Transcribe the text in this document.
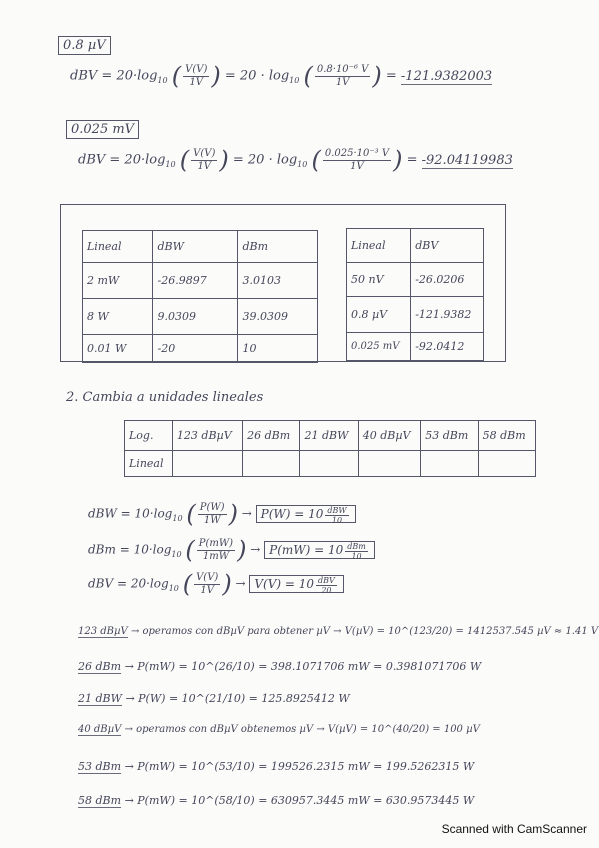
0.8 µV
dBV = $20\cdot\log_{10}$ ( $\frac{V(V)}{1V}$ ) = $20 \cdot \log_{10}$ ( $\frac{\text{0.8·10⁻⁶ V}}{1V}$ ) = -121.9382003
0.025 mV
dBV = $20\cdot\log_{10}$ ( $\frac{V(V)}{1V}$ ) = $20 \cdot \log_{10}$ ( $\frac{\text{0.025·10⁻³ V}}{1V}$ ) = -92.04119983
Lineal	dBW	dBm
2 mW	-26.9897	3.0103
8 W	9.0309	39.0309
0.01 W	-20	10
Lineal	dBV
50 nV	-26.0206
0.8 µV	-121.9382
0.025 mV	-92.0412
2. Cambia a unidades lineales
Log.	123 dBµV	26 dBm	21 dBW	40 dBµV	53 dBm	58 dBm
Lineal						
dBW = $10\cdot\log_{10}$ ( $\frac{P(W)}{1W}$ ) → $P(W) = 10 \frac{\text{dBW}}{10}$
dBm = $10\cdot\log_{10}$ ( $\frac{P(mW)}{1mW}$ ) → $P(mW) = 10 \frac{\text{dBm}}{10}$
dBV = $20\cdot\log_{10}$ ( $\frac{V(V)}{1V}$ ) → $V(V) = 10 \frac{\text{dBV}}{20}$
123 dBµV → operamos con dBµV para obtener µV → V(µV) = 10^(123/20) = 1412537.545 µV ≈ 1.41 V
26 dBm → P(mW) = 10^(26/10) = 398.1071706 mW = 0.3981071706 W
21 dBW → P(W) = 10^(21/10) = 125.8925412 W
40 dBµV → operamos con dBµV obtenemos µV → V(µV) = 10^(40/20) = 100 µV
53 dBm → P(mW) = 10^(53/10) = 199526.2315 mW = 199.5262315 W
58 dBm → P(mW) = 10^(58/10) = 630957.3445 mW = 630.9573445 W
Scanned with CamScanner
